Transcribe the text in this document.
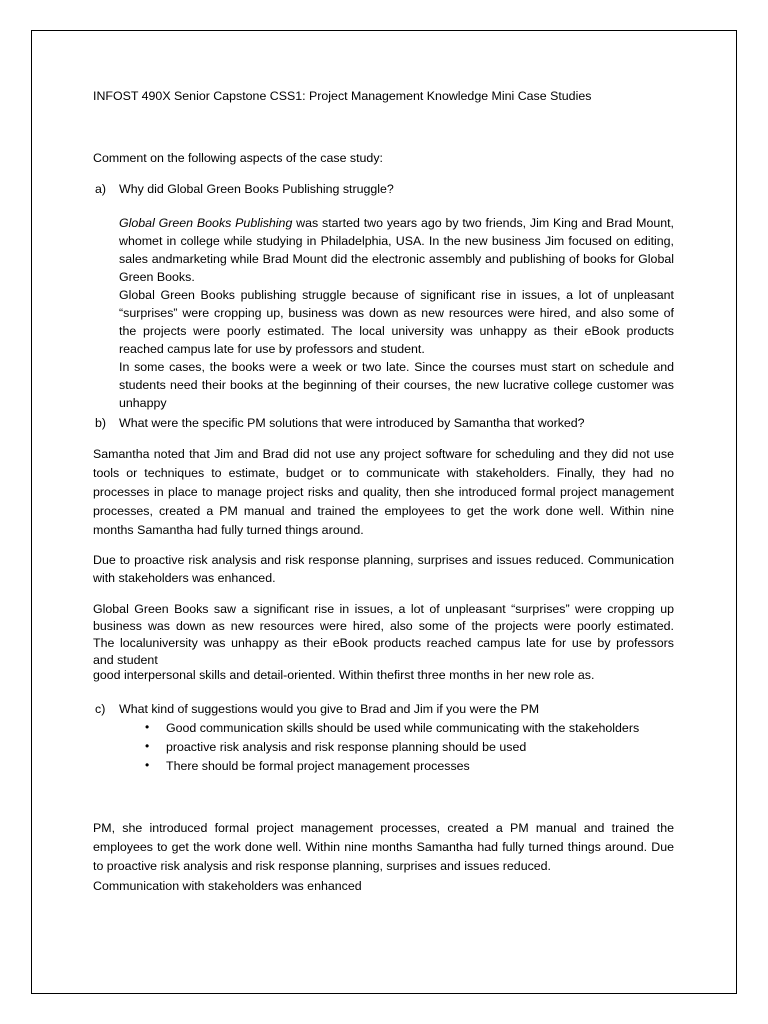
INFOST 490X Senior Capstone CSS1: Project Management Knowledge Mini Case Studies

Comment on the following aspects of the case study:

a) Why did Global Green Books Publishing struggle?

Global Green Books Publishing was started two years ago by two friends, Jim King and Brad Mount, whomet in college while studying in Philadelphia, USA. In the new business Jim focused on editing, sales andmarketing while Brad Mount did the electronic assembly and publishing of books for Global Green Books.

Global Green Books publishing struggle because of significant rise in issues, a lot of unpleasant “surprises” were cropping up, business was down as new resources were hired, and also some of the projects were poorly estimated. The local university was unhappy as their eBook products reached campus late for use by professors and student.

In some cases, the books were a week or two late. Since the courses must start on schedule and students need their books at the beginning of their courses, the new lucrative college customer was unhappy

b) What were the specific PM solutions that were introduced by Samantha that worked?

Samantha noted that Jim and Brad did not use any project software for scheduling and they did not use tools or techniques to estimate, budget or to communicate with stakeholders. Finally, they had no processes in place to manage project risks and quality, then she introduced formal project management processes, created a PM manual and trained the employees to get the work done well. Within nine months Samantha had fully turned things around.

Due to proactive risk analysis and risk response planning, surprises and issues reduced. Communication with stakeholders was enhanced.

Global Green Books saw a significant rise in issues, a lot of unpleasant “surprises” were cropping up

business was down as new resources were hired, also some of the projects were poorly estimated.

The localuniversity was unhappy as their eBook products reached campus late for use by professors

and student

good interpersonal skills and detail-oriented. Within thefirst three months in her new role as.

c) What kind of suggestions would you give to Brad and Jim if you were the PM
• Good communication skills should be used while communicating with the stakeholders
• proactive risk analysis and risk response planning should be used
• There should be formal project management processes

PM, she introduced formal project management processes, created a PM manual and trained the employees to get the work done well. Within nine months Samantha had fully turned things around. Due to proactive risk analysis and risk response planning, surprises and issues reduced.

Communication with stakeholders was enhanced
